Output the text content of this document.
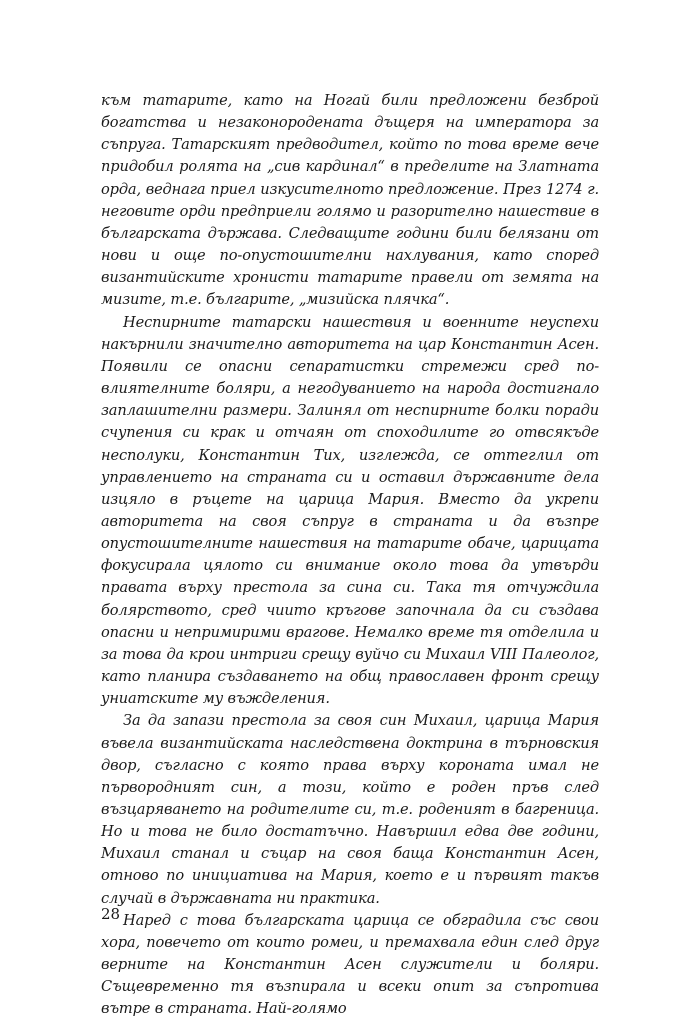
към татарите, като на Ногай били предложени безброй богатства и незаконородената дъщеря на императора за съпруга. Татарският предводител, който по това време вече придобил ролята на „сив кардинал“ в пределите на Златната орда, веднага приел изкусителното предложение. През 1274 г. неговите орди предприели голямо и разорително нашествие в българската държава. Следващите години били белязани от нови и още по-опустошителни нахлувания, като според византийските хронисти татарите правели от земята на мизите, т.е. българите, „мизийска плячка“.

Неспирните татарски нашествия и военните неуспехи накърнили значително авторитета на цар Константин Асен. Появили се опасни сепаратистки стремежи сред по-влиятелните боляри, а негодуванието на народа достигнало заплашителни размери. Залинял от неспирните болки поради счупения си крак и отчаян от споходилите го отвсякъде несполуки, Константин Тих, изглежда, се оттеглил от управлението на страната си и оставил държавните дела изцяло в ръцете на царица Мария. Вместо да укрепи авторитета на своя съпруг в страната и да възпре опустошителните нашествия на татарите обаче, царицата фокусирала цялото си внимание около това да утвърди правата върху престола за сина си. Така тя отчуждила болярството, сред чиито кръгове започнала да си създава опасни и непримирими врагове. Немалко време тя отделила и за това да крои интриги срещу вуйчо си Михаил VIII Палеолог, като планира създаването на общ православен фронт срещу униатските му въжделения.

За да запази престола за своя син Михаил, царица Мария въвела византийската наследствена доктрина в търновския двор, съгласно с която права върху короната имал не първородният син, а този, който е роден пръв след възцаряването на родителите си, т.е. роденият в багреница. Но и това не било достатъчно. Навършил едва две години, Михаил станал и съцар на своя баща Константин Асен, отново по инициатива на Мария, което е и първият такъв случай в държавната ни практика.

Наред с това българската царица се обградила със свои хора, повечето от които ромеи, и премахвала един след друг верните на Константин Асен служители и боляри. Същевременно тя възпирала и всеки опит за съпротива вътре в страната. Най-голямо

28
